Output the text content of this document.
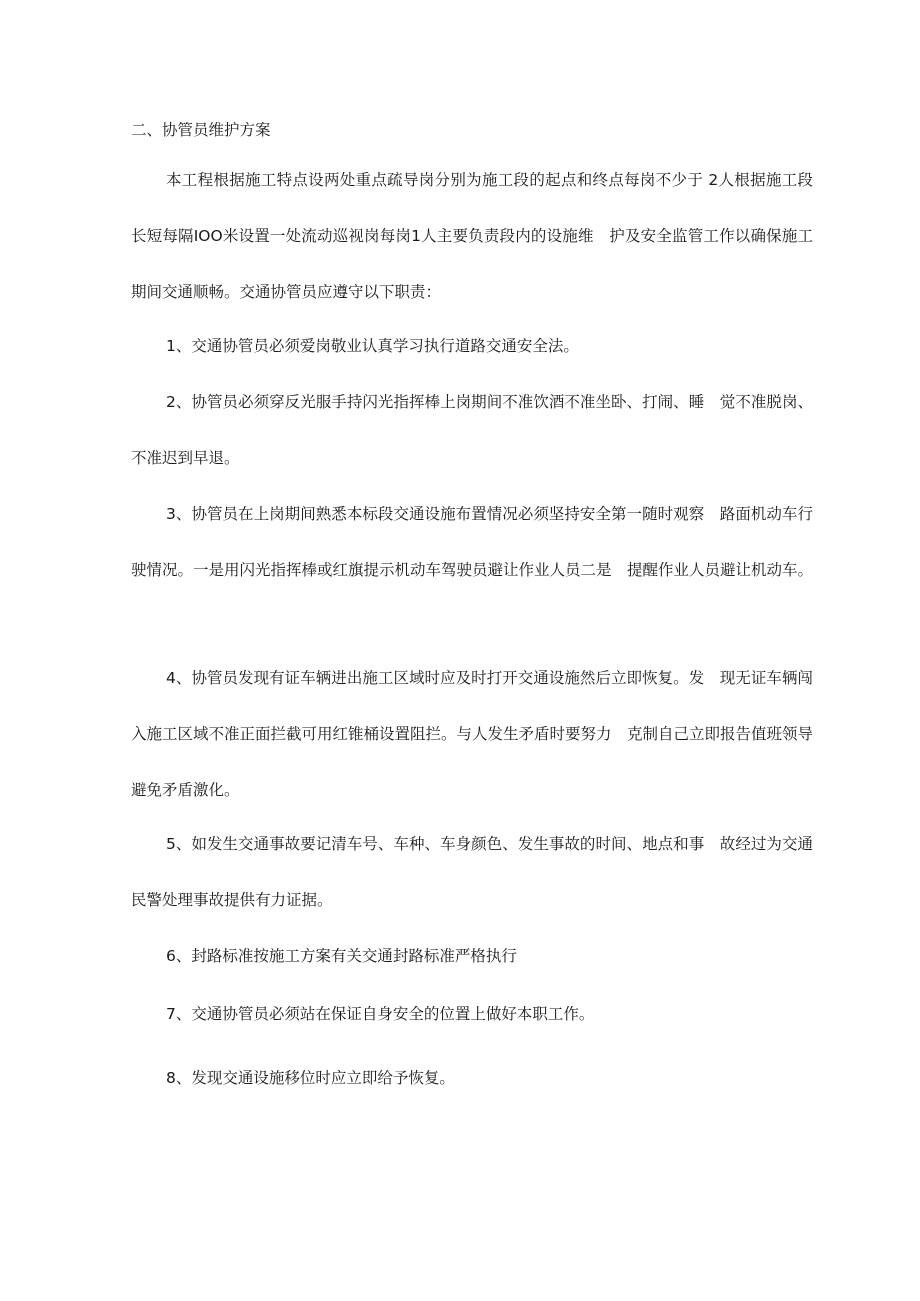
二、协管员维护方案

本工程根据施工特点设两处重点疏导岗分别为施工段的起点和终点每岗不少于 2人根据施工段长短每隔IOO米设置一处流动巡视岗每岗1人主要负责段内的设施维　护及安全监管工作以确保施工期间交通顺畅。交通协管员应遵守以下职责：

1、交通协管员必须爱岗敬业认真学习执行道路交通安全法。

2、协管员必须穿反光服手持闪光指挥棒上岗期间不准饮酒不准坐卧、打闹、睡　觉不准脱岗、不准迟到早退。

3、协管员在上岗期间熟悉本标段交通设施布置情况必须坚持安全第一随时观察　路面机动车行驶情况。一是用闪光指挥棒或红旗提示机动车驾驶员避让作业人员二是　提醒作业人员避让机动车。

4、协管员发现有证车辆进出施工区域时应及时打开交通设施然后立即恢复。发　现无证车辆闯入施工区域不准正面拦截可用红锥桶设置阻拦。与人发生矛盾时要努力　克制自己立即报告值班领导避免矛盾激化。

5、如发生交通事故要记清车号、车种、车身颜色、发生事故的时间、地点和事　故经过为交通民警处理事故提供有力证据。

6、封路标准按施工方案有关交通封路标准严格执行

7、交通协管员必须站在保证自身安全的位置上做好本职工作。

8、发现交通设施移位时应立即给予恢复。
